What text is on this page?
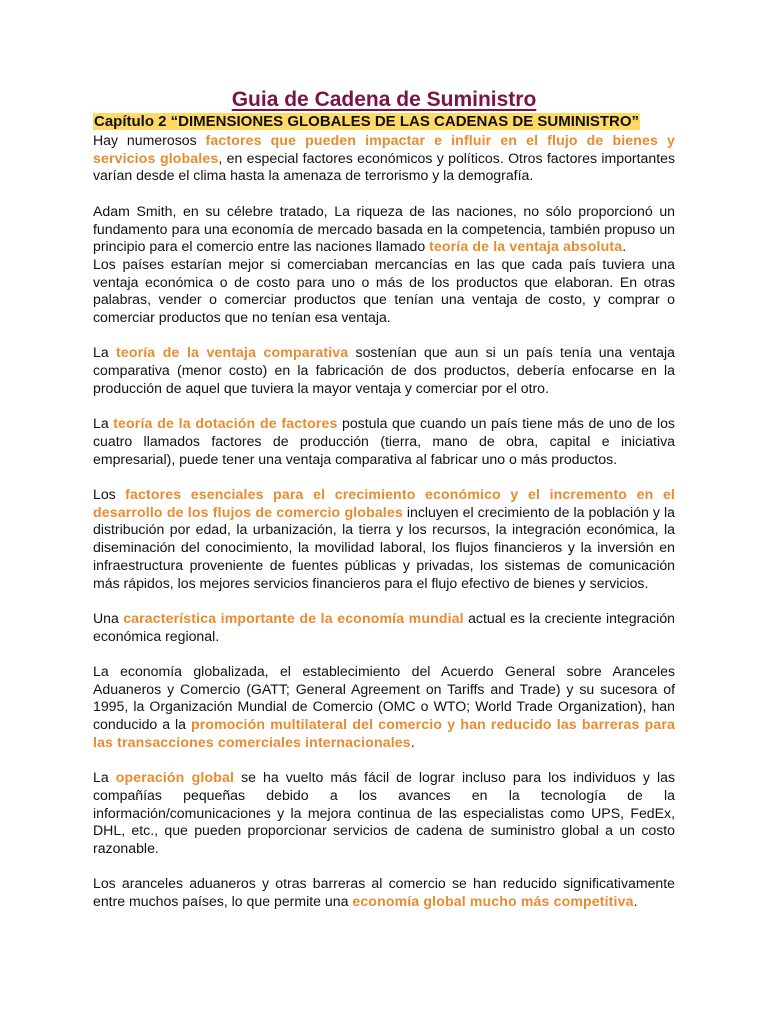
Guia de Cadena de Suministro
Capítulo 2 “DIMENSIONES GLOBALES DE LAS CADENAS DE SUMINISTRO”

Hay numerosos factores que pueden impactar e influir en el flujo de bienes y servicios globales, en especial factores económicos y políticos. Otros factores importantes varían desde el clima hasta la amenaza de terrorismo y la demografía.

Adam Smith, en su célebre tratado, La riqueza de las naciones, no sólo proporcionó un fundamento para una economía de mercado basada en la competencia, también propuso un principio para el comercio entre las naciones llamado teoría de la ventaja absoluta.

Los países estarían mejor si comerciaban mercancías en las que cada país tuviera una ventaja económica o de costo para uno o más de los productos que elaboran. En otras palabras, vender o comerciar productos que tenían una ventaja de costo, y comprar o comerciar productos que no tenían esa ventaja.

La teoría de la ventaja comparativa sostenían que aun si un país tenía una ventaja comparativa (menor costo) en la fabricación de dos productos, debería enfocarse en la producción de aquel que tuviera la mayor ventaja y comerciar por el otro.

La teoría de la dotación de factores postula que cuando un país tiene más de uno de los cuatro llamados factores de producción (tierra, mano de obra, capital e iniciativa empresarial), puede tener una ventaja comparativa al fabricar uno o más productos.

Los factores esenciales para el crecimiento económico y el incremento en el desarrollo de los flujos de comercio globales incluyen el crecimiento de la población y la distribución por edad, la urbanización, la tierra y los recursos, la integración económica, la diseminación del conocimiento, la movilidad laboral, los flujos financieros y la inversión en infraestructura proveniente de fuentes públicas y privadas, los sistemas de comunicación más rápidos, los mejores servicios financieros para el flujo efectivo de bienes y servicios.

Una característica importante de la economía mundial actual es la creciente integración económica regional.

La economía globalizada, el establecimiento del Acuerdo General sobre Aranceles Aduaneros y Comercio (GATT; General Agreement on Tariffs and Trade) y su sucesora of 1995, la Organización Mundial de Comercio (OMC o WTO; World Trade Organization), han conducido a la promoción multilateral del comercio y han reducido las barreras para las transacciones comerciales internacionales.

La operación global se ha vuelto más fácil de lograr incluso para los individuos y las compañías pequeñas debido a los avances en la tecnología de la información/comunicaciones y la mejora continua de las especialistas como UPS, FedEx, DHL, etc., que pueden proporcionar servicios de cadena de suministro global a un costo razonable.

Los aranceles aduaneros y otras barreras al comercio se han reducido significativamente entre muchos países, lo que permite una economía global mucho más competitiva.
